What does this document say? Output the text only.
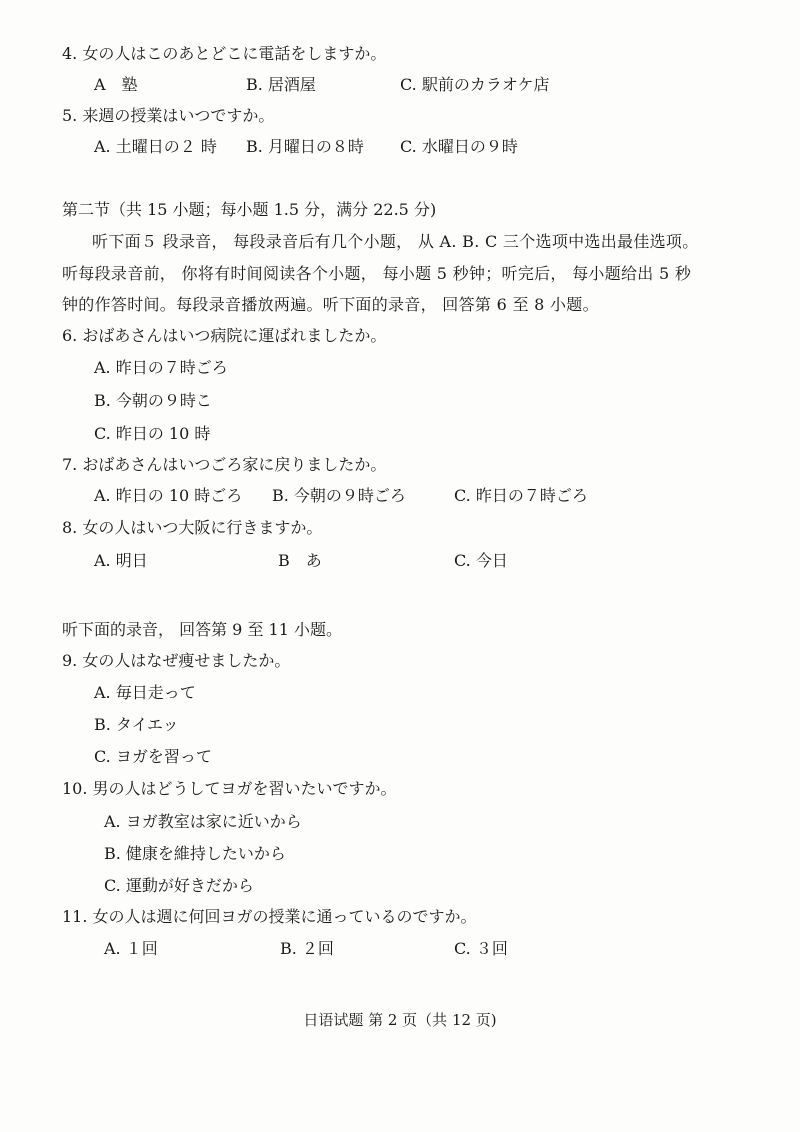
4. 女の人はこのあとどこに電話をしますか。
A　塾	B. 居酒屋	C. 駅前のカラオケ店
5. 来週の授業はいつですか。
A. 土曜日の２ 時 B. 月曜日の８時 C. 水曜日の９時
第二节（共 15 小题；每小题 1.5 分，满分 22.5 分)
听下面５ 段录音， 每段录音后有几个小题， 从 A. B. C 三个选项中选出最佳选项。
听每段录音前， 你将有时间阅读各个小题， 每小题 5 秒钟；听完后， 每小题给出 5 秒
钟的作答时间。每段录音播放两遍。听下面的录音， 回答第 6 至 8 小题。
6. おばあさんはいつ病院に運ばれましたか。
A. 昨日の７時ごろ
B. 今朝の９時こ
C. 昨日の 10 時
7. おばあさんはいつごろ家に戻りましたか。
A. 昨日の 10 時ごろ B. 今朝の９時ごろ	C. 昨日の７時ごろ
8. 女の人はいつ大阪に行きますか。
A. 明日	B　あ	C. 今日
听下面的录音， 回答第 9 至 11 小题。
9. 女の人はなぜ痩せましたか。
A. 毎日走って
B. タイエッ
C. ヨガを習って
10. 男の人はどうしてヨガを習いたいですか。
A. ヨガ教室は家に近いから
B. 健康を維持したいから
C. 運動が好きだから
11. 女の人は週に何回ヨガの授業に通っているのですか。
A. １回	B. ２回	C. ３回
日语试题 第 2 页（共 12 页)
